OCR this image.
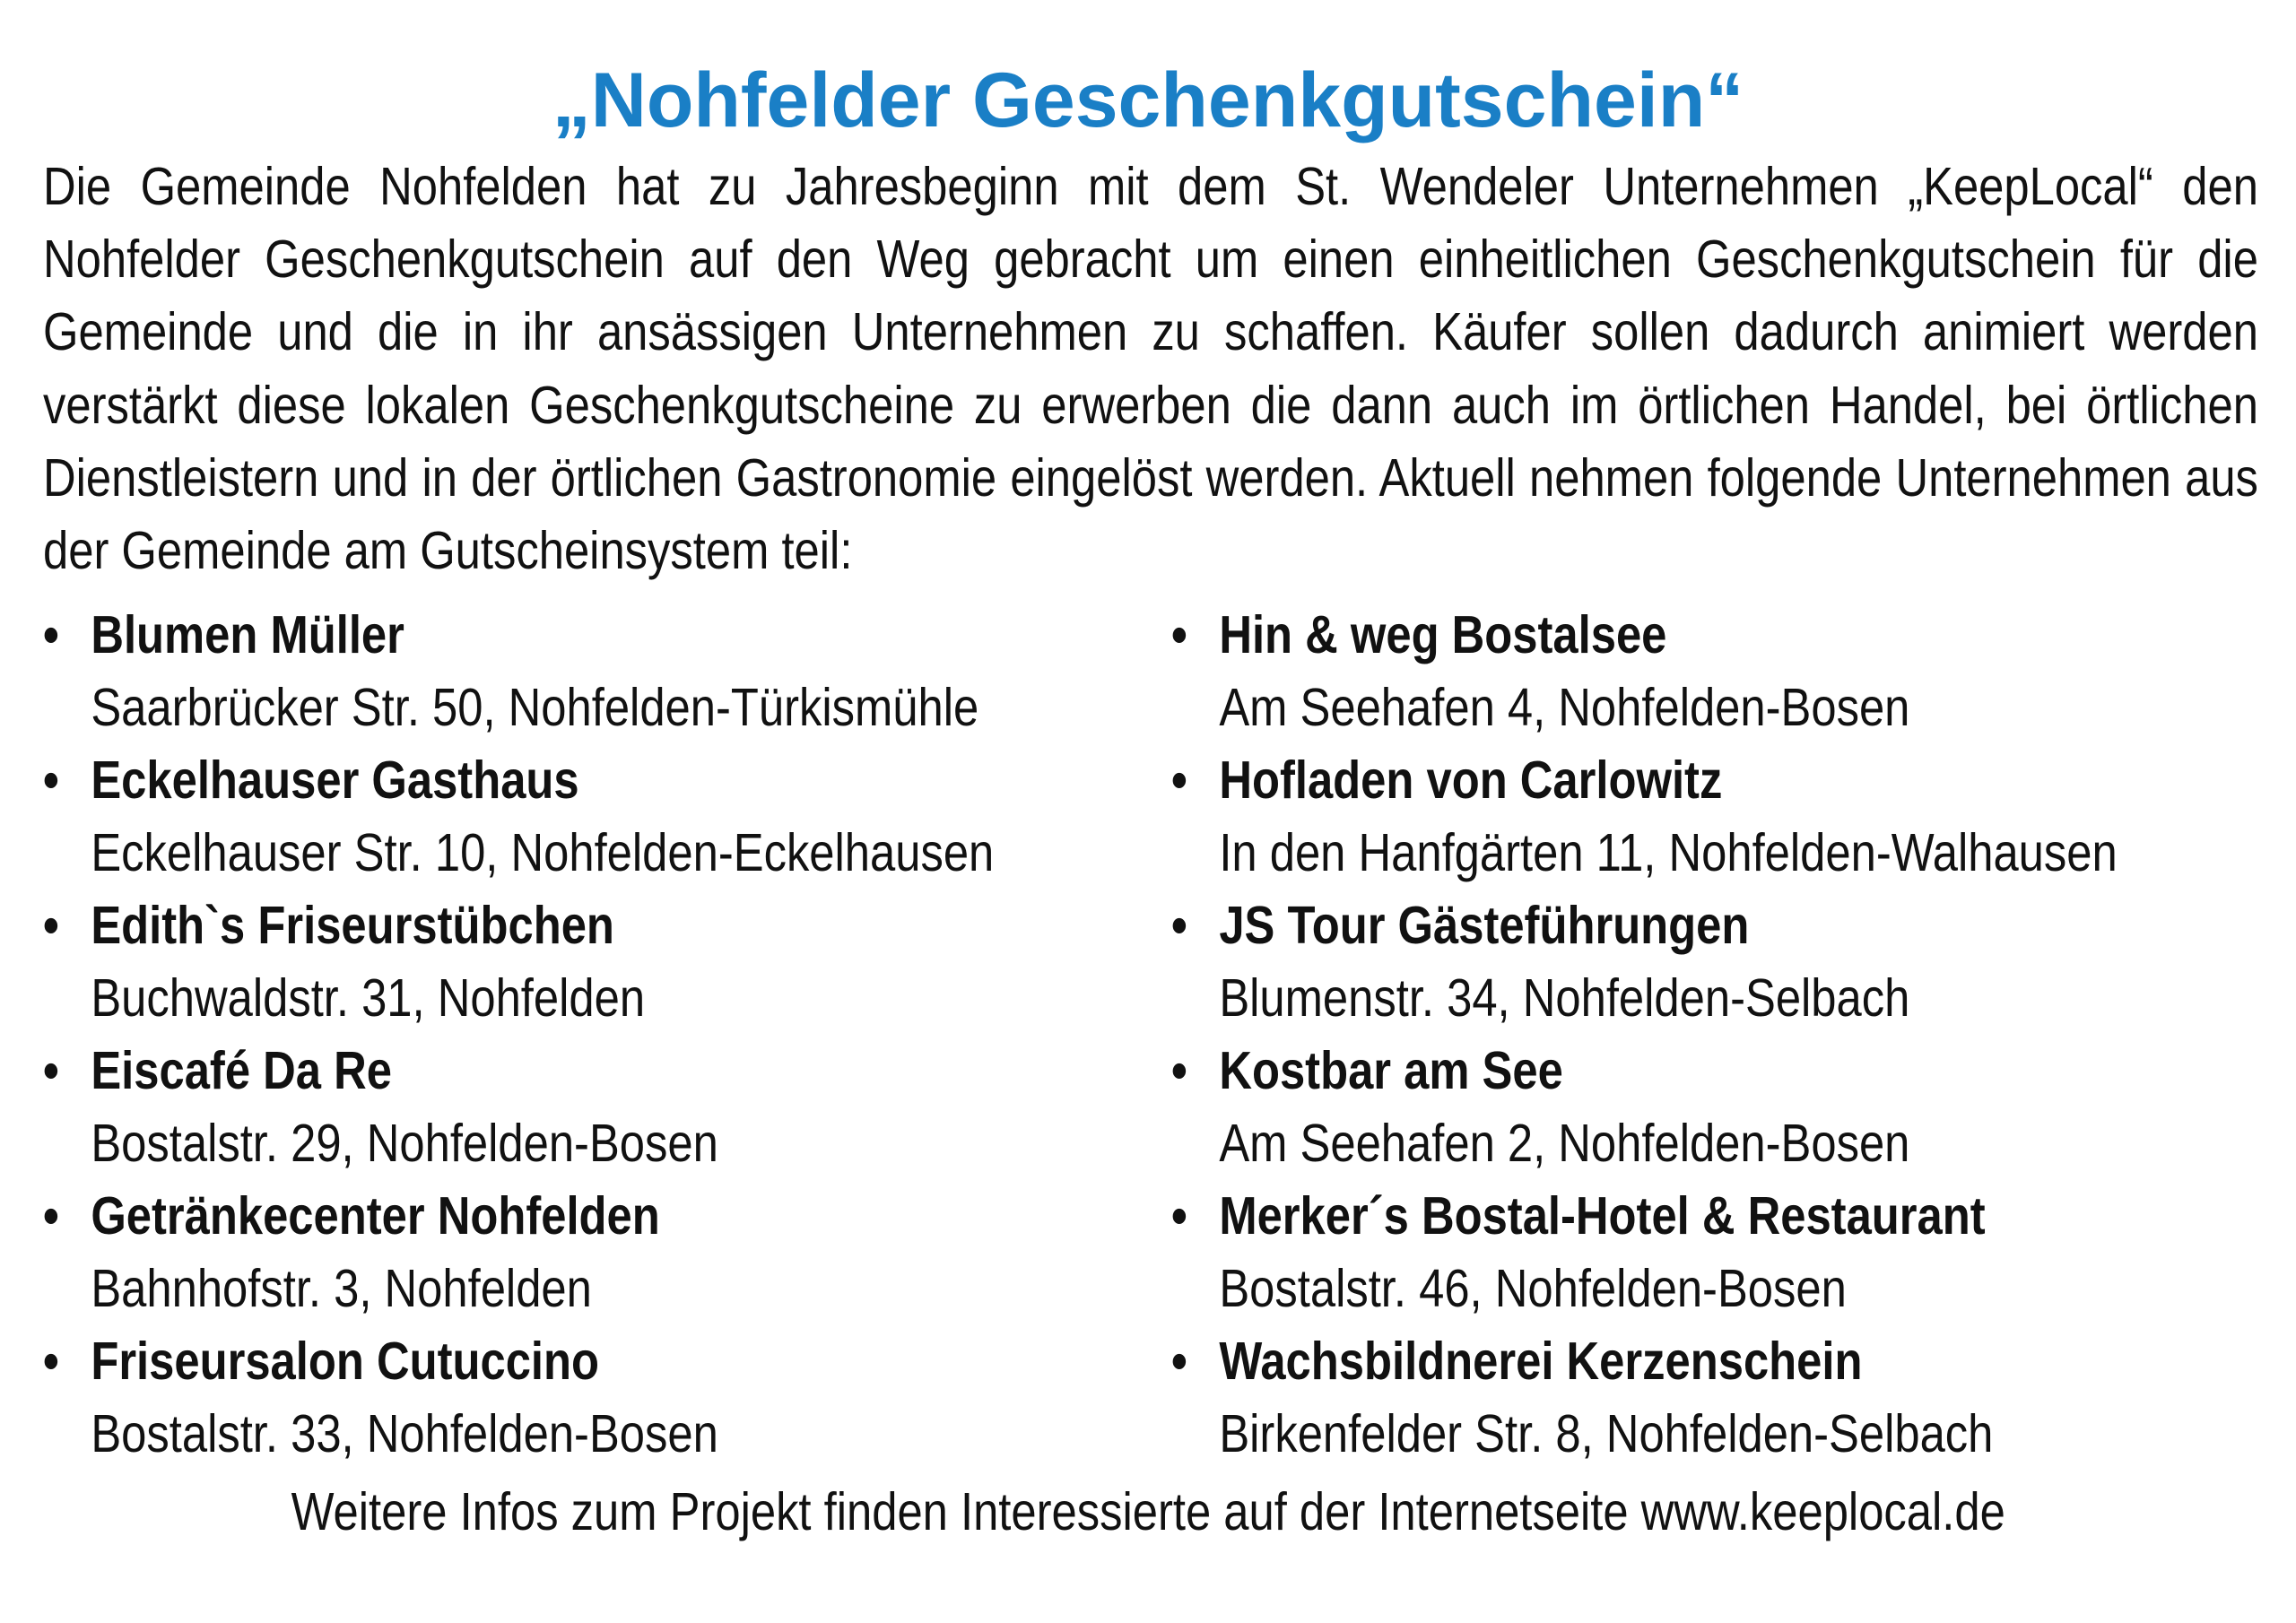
„Nohfelder Geschenkgutschein“

Die Gemeinde Nohfelden hat zu Jahresbeginn mit dem St. Wendeler Unternehmen „KeepLocal“ den Nohfelder Geschenkgutschein auf den Weg gebracht um einen einheitlichen Geschenkgutschein für die Gemeinde und die in ihr ansässigen Unternehmen zu schaffen. Käufer sollen dadurch animiert werden verstärkt diese lokalen Geschenkgutscheine zu erwerben die dann auch im örtlichen Handel, bei örtlichen Dienstleistern und in der örtlichen Gastronomie eingelöst werden. Aktuell nehmen folgende Unternehmen aus der Gemeinde am Gutscheinsystem teil:

• Blumen Müller
Saarbrücker Str. 50, Nohfelden-Türkismühle
• Eckelhauser Gasthaus
Eckelhauser Str. 10, Nohfelden-Eckelhausen
• Edith`s Friseurstübchen
Buchwaldstr. 31, Nohfelden
• Eiscafé Da Re
Bostalstr. 29, Nohfelden-Bosen
• Getränkecenter Nohfelden
Bahnhofstr. 3, Nohfelden
• Friseursalon Cutuccino
Bostalstr. 33, Nohfelden-Bosen
• Hin & weg Bostalsee
Am Seehafen 4, Nohfelden-Bosen
• Hofladen von Carlowitz
In den Hanfgärten 11, Nohfelden-Walhausen
• JS Tour Gästeführungen
Blumenstr. 34, Nohfelden-Selbach
• Kostbar am See
Am Seehafen 2, Nohfelden-Bosen
• Merker´s Bostal-Hotel & Restaurant
Bostalstr. 46, Nohfelden-Bosen
• Wachsbildnerei Kerzenschein
Birkenfelder Str. 8, Nohfelden-Selbach

Weitere Infos zum Projekt finden Interessierte auf der Internetseite www.keeplocal.de
